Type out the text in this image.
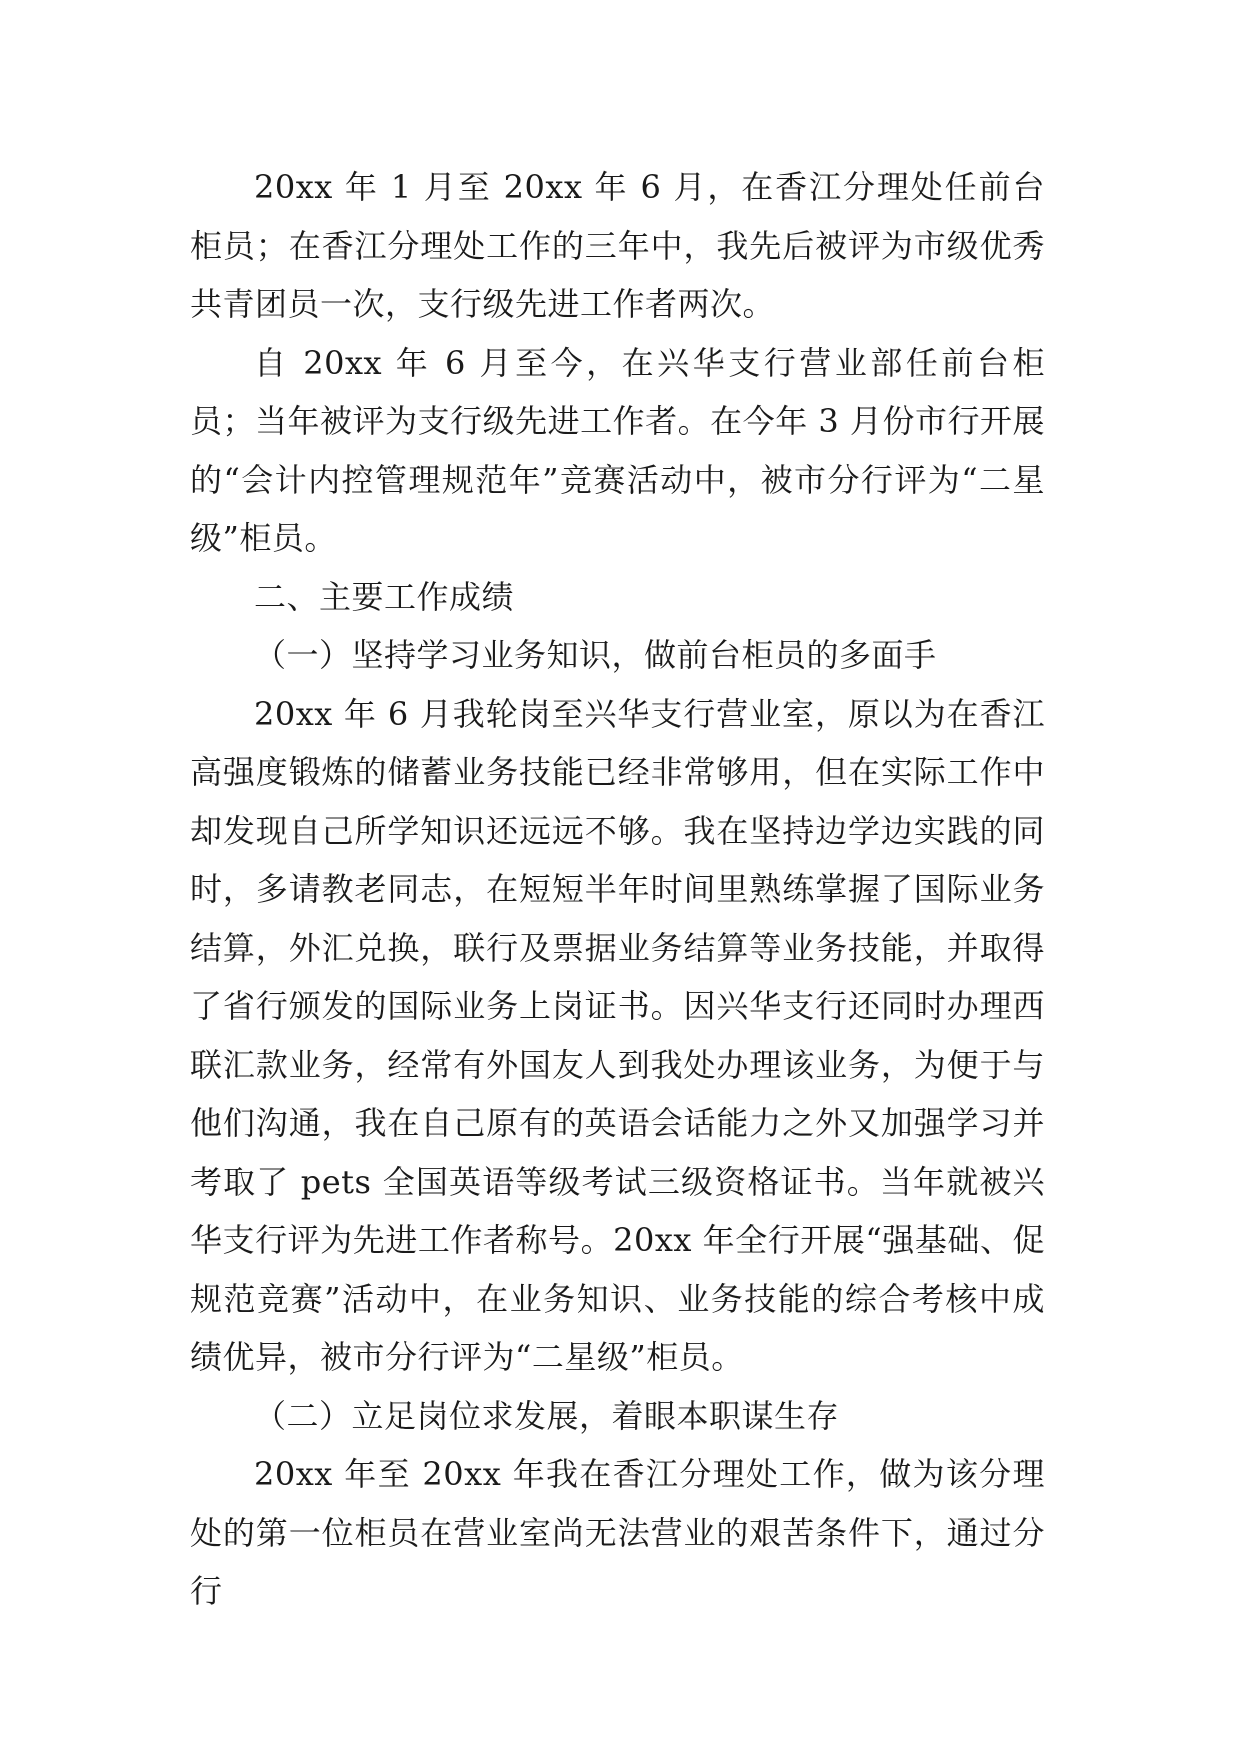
20xx 年 1 月至 20xx 年 6 月，在香江分理处任前台柜员；在香江分理处工作的三年中，我先后被评为市级优秀共青团员一次，支行级先进工作者两次。

自 20xx 年 6 月至今，在兴华支行营业部任前台柜员；当年被评为支行级先进工作者。在今年 3 月份市行开展的“会计内控管理规范年”竞赛活动中，被市分行评为“二星级”柜员。

二、主要工作成绩

（一）坚持学习业务知识，做前台柜员的多面手

20xx 年 6 月我轮岗至兴华支行营业室，原以为在香江高强度锻炼的储蓄业务技能已经非常够用，但在实际工作中却发现自己所学知识还远远不够。我在坚持边学边实践的同时，多请教老同志，在短短半年时间里熟练掌握了国际业务结算，外汇兑换，联行及票据业务结算等业务技能，并取得了省行颁发的国际业务上岗证书。因兴华支行还同时办理西联汇款业务，经常有外国友人到我处办理该业务，为便于与他们沟通，我在自己原有的英语会话能力之外又加强学习并考取了 pets 全国英语等级考试三级资格证书。当年就被兴华支行评为先进工作者称号。20xx 年全行开展“强基础、促规范竞赛”活动中，在业务知识、业务技能的综合考核中成绩优异，被市分行评为“二星级”柜员。

（二）立足岗位求发展，着眼本职谋生存

20xx 年至 20xx 年我在香江分理处工作，做为该分理处的第一位柜员在营业室尚无法营业的艰苦条件下，通过分行
